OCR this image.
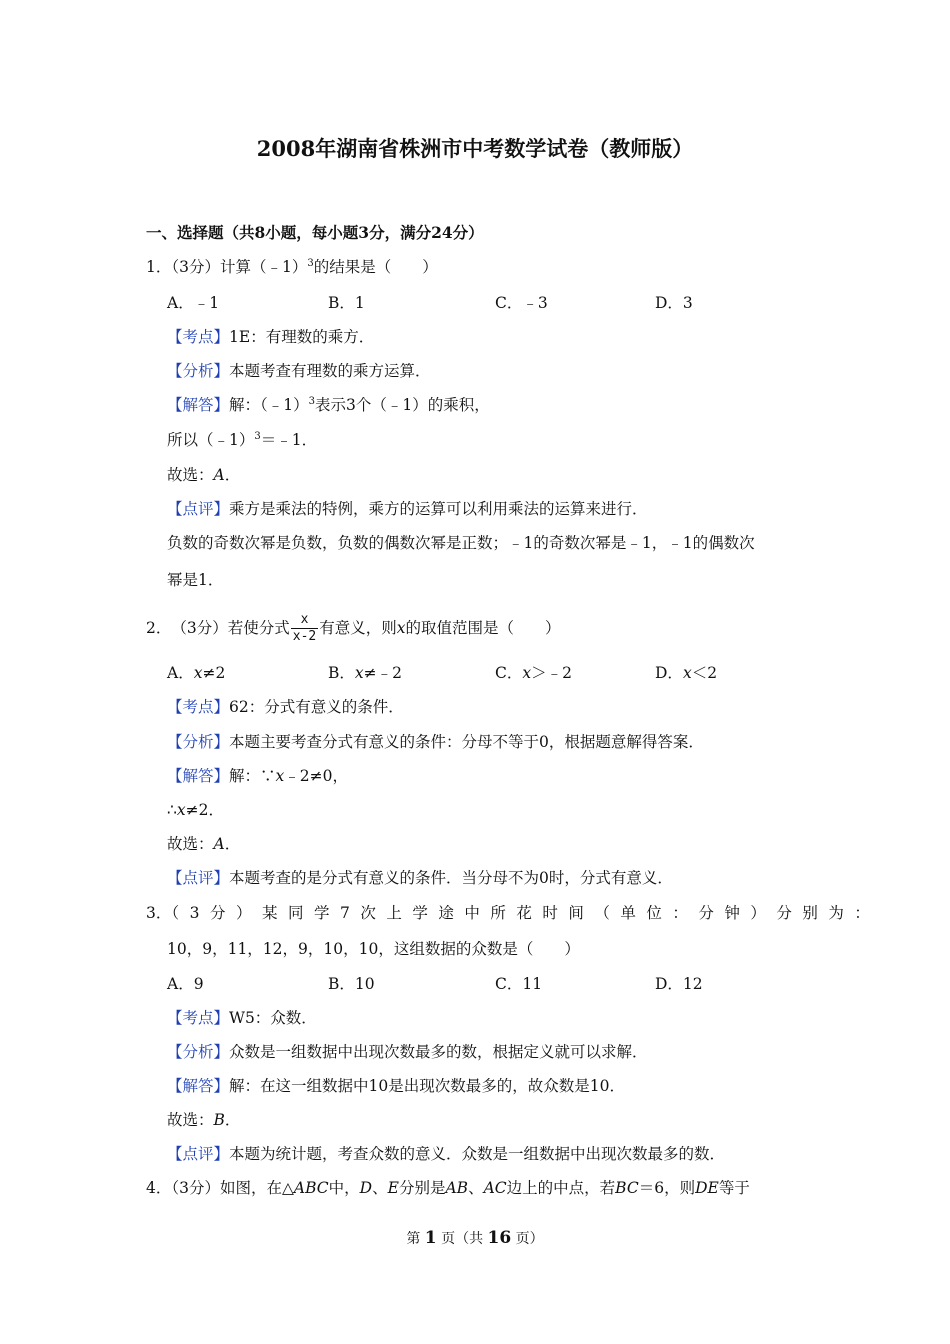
2008年湖南省株洲市中考数学试卷（教师版）
一、选择题（共8小题，每小题3分，满分24分）
1．（3分）计算（﹣1）$^3$的结果是（　　）
A．﹣1	B．1	C．﹣3	D．3
【考点】1E：有理数的乘方．
【分析】本题考查有理数的乘方运算．
【解答】解：（﹣1）$^3$表示3个（﹣1）的乘积，
所以（﹣1）$^3$＝﹣1．
故选：A．
【点评】乘方是乘法的特例，乘方的运算可以利用乘法的运算来进行．
负数的奇数次幂是负数，负数的偶数次幂是正数；﹣1的奇数次幂是﹣1，﹣1的偶数次
幂是1．
2． （3分） 若使分式 $\frac{x}{x-2}$ 有意义，则 x 的取值范围是（　　）
A．x≠2	B．x≠﹣2	C．x＞﹣2	D．x＜2
【考点】62：分式有意义的条件．
【分析】本题主要考查分式有意义的条件：分母不等于0，根据题意解得答案．
【解答】解：∵x﹣2≠0，
∴x≠2．
故选：A．
【点评】本题考查的是分式有意义的条件．当分母不为0时，分式有意义．
3．（3分）某同学7次上学途中所花时间（单位：分钟）分别为：
10，9，11，12，9，10，10，这组数据的众数是（　　）
A．9	B．10	C．11	D．12
【考点】W5：众数．
【分析】众数是一组数据中出现次数最多的数，根据定义就可以求解．
【解答】解：在这一组数据中10是出现次数最多的，故众数是10．
故选：B．
【点评】本题为统计题，考查众数的意义．众数是一组数据中出现次数最多的数．
4．（3分）如图，在△ABC中，D、E分别是AB、AC边上的中点，若BC＝6，则DE等于
第 1 页（共 16 页）
